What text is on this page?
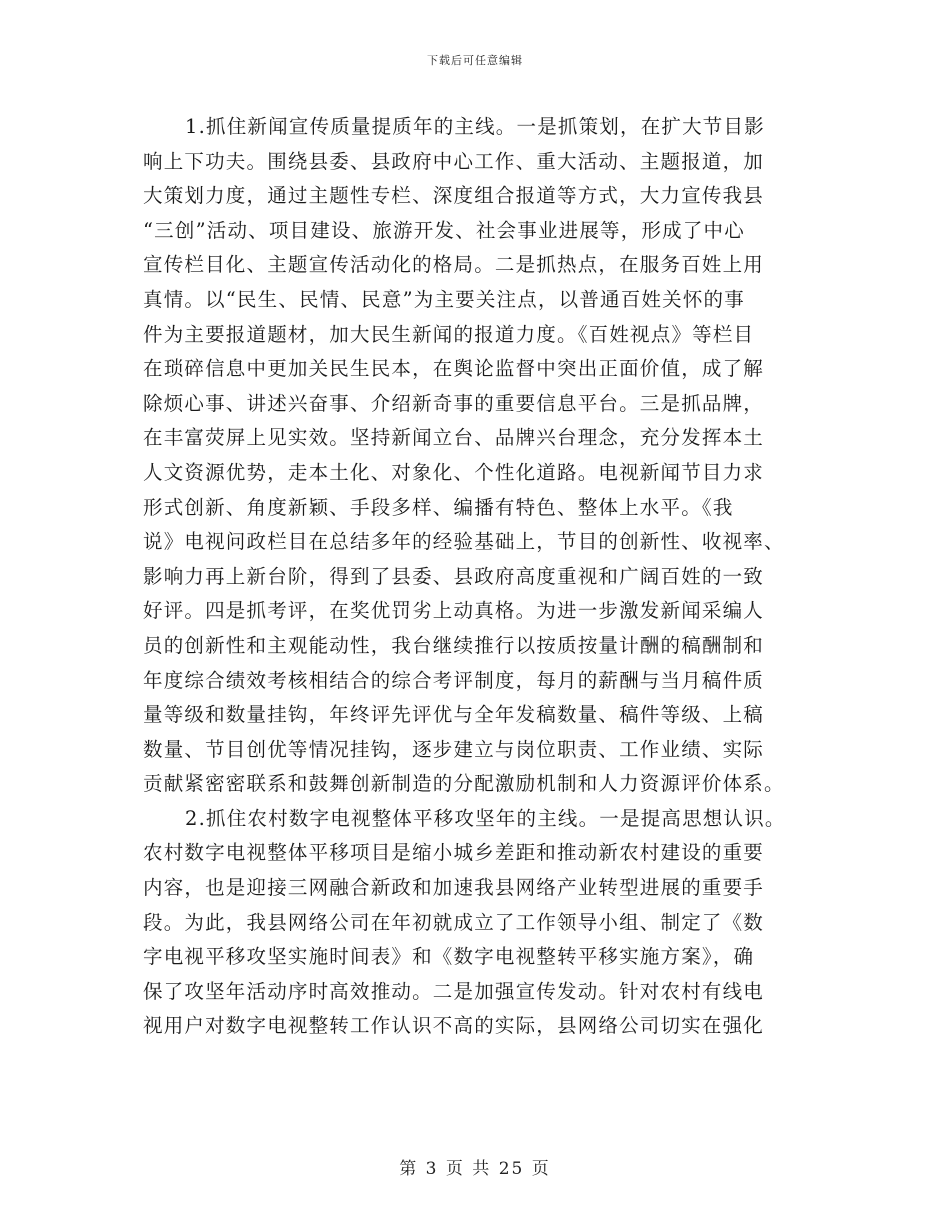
下载后可任意编辑
1.抓住新闻宣传质量提质年的主线。一是抓策划，在扩大节目影
响上下功夫。围绕县委、县政府中心工作、重大活动、主题报道，加
大策划力度，通过主题性专栏、深度组合报道等方式，大力宣传我县
“三创”活动、项目建设、旅游开发、社会事业进展等，形成了中心
宣传栏目化、主题宣传活动化的格局。二是抓热点，在服务百姓上用
真情。以“民生、民情、民意”为主要关注点，以普通百姓关怀的事
件为主要报道题材，加大民生新闻的报道力度。《百姓视点》等栏目
在琐碎信息中更加关民生民本，在舆论监督中突出正面价值，成了解
除烦心事、讲述兴奋事、介绍新奇事的重要信息平台。三是抓品牌，
在丰富荧屏上见实效。坚持新闻立台、品牌兴台理念，充分发挥本土
人文资源优势，走本土化、对象化、个性化道路。电视新闻节目力求
形式创新、角度新颖、手段多样、编播有特色、整体上水平。《我
说》电视问政栏目在总结多年的经验基础上，节目的创新性、收视率、
影响力再上新台阶，得到了县委、县政府高度重视和广阔百姓的一致
好评。四是抓考评，在奖优罚劣上动真格。为进一步激发新闻采编人
员的创新性和主观能动性，我台继续推行以按质按量计酬的稿酬制和
年度综合绩效考核相结合的综合考评制度，每月的薪酬与当月稿件质
量等级和数量挂钩，年终评先评优与全年发稿数量、稿件等级、上稿
数量、节目创优等情况挂钩，逐步建立与岗位职责、工作业绩、实际
贡献紧密密联系和鼓舞创新制造的分配激励机制和人力资源评价体系。
2.抓住农村数字电视整体平移攻坚年的主线。一是提高思想认识。
农村数字电视整体平移项目是缩小城乡差距和推动新农村建设的重要
内容，也是迎接三网融合新政和加速我县网络产业转型进展的重要手
段。为此，我县网络公司在年初就成立了工作领导小组、制定了《数
字电视平移攻坚实施时间表》和《数字电视整转平移实施方案》，确
保了攻坚年活动序时高效推动。二是加强宣传发动。针对农村有线电
视用户对数字电视整转工作认识不高的实际，县网络公司切实在强化
第 3 页 共 25 页
